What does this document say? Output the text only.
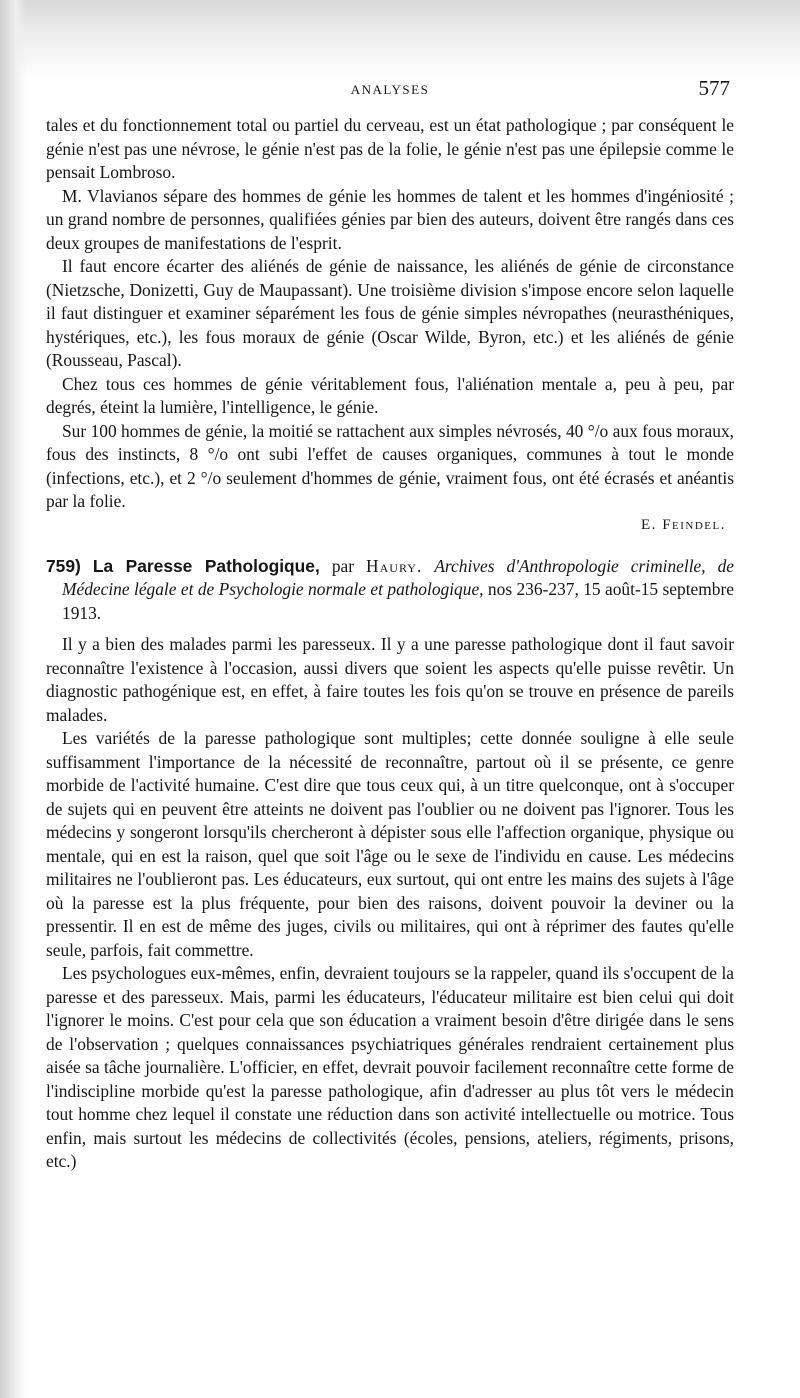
ANALYSES	577

tales et du fonctionnement total ou partiel du cerveau, est un état pathologique ; par conséquent le génie n'est pas une névrose, le génie n'est pas de la folie, le génie n'est pas une épilepsie comme le pensait Lombroso.

M. Vlavianos sépare des hommes de génie les hommes de talent et les hommes d'ingéniosité ; un grand nombre de personnes, qualifiées génies par bien des auteurs, doivent être rangés dans ces deux groupes de manifestations de l'esprit.

Il faut encore écarter des aliénés de génie de naissance, les aliénés de génie de circonstance (Nietzsche, Donizetti, Guy de Maupassant). Une troisième division s'impose encore selon laquelle il faut distinguer et examiner séparément les fous de génie simples névropathes (neurasthéniques, hystériques, etc.), les fous moraux de génie (Oscar Wilde, Byron, etc.) et les aliénés de génie (Rousseau, Pascal).

Chez tous ces hommes de génie véritablement fous, l'aliénation mentale a, peu à peu, par degrés, éteint la lumière, l'intelligence, le génie.

Sur 100 hommes de génie, la moitié se rattachent aux simples névrosés, 40 °/o aux fous moraux, fous des instincts, 8 °/o ont subi l'effet de causes organiques, communes à tout le monde (infections, etc.), et 2 °/o seulement d'hommes de génie, vraiment fous, ont été écrasés et anéantis par la folie.

E. Feindel.
759) La Paresse Pathologique, par Haury. Archives d'Anthropologie criminelle, de Médecine légale et de Psychologie normale et pathologique, nos 236-237, 15 août-15 septembre 1913.

Il y a bien des malades parmi les paresseux. Il y a une paresse pathologique dont il faut savoir reconnaître l'existence à l'occasion, aussi divers que soient les aspects qu'elle puisse revêtir. Un diagnostic pathogénique est, en effet, à faire toutes les fois qu'on se trouve en présence de pareils malades.

Les variétés de la paresse pathologique sont multiples; cette donnée souligne à elle seule suffisamment l'importance de la nécessité de reconnaître, partout où il se présente, ce genre morbide de l'activité humaine. C'est dire que tous ceux qui, à un titre quelconque, ont à s'occuper de sujets qui en peuvent être atteints ne doivent pas l'oublier ou ne doivent pas l'ignorer. Tous les médecins y songeront lorsqu'ils chercheront à dépister sous elle l'affection organique, physique ou mentale, qui en est la raison, quel que soit l'âge ou le sexe de l'individu en cause. Les médecins militaires ne l'oublieront pas. Les éducateurs, eux surtout, qui ont entre les mains des sujets à l'âge où la paresse est la plus fréquente, pour bien des raisons, doivent pouvoir la deviner ou la pressentir. Il en est de même des juges, civils ou militaires, qui ont à réprimer des fautes qu'elle seule, parfois, fait commettre.

Les psychologues eux-mêmes, enfin, devraient toujours se la rappeler, quand ils s'occupent de la paresse et des paresseux. Mais, parmi les éducateurs, l'éducateur militaire est bien celui qui doit l'ignorer le moins. C'est pour cela que son éducation a vraiment besoin d'être dirigée dans le sens de l'observation ; quelques connaissances psychiatriques générales rendraient certainement plus aisée sa tâche journalière. L'officier, en effet, devrait pouvoir facilement reconnaître cette forme de l'indiscipline morbide qu'est la paresse pathologique, afin d'adresser au plus tôt vers le médecin tout homme chez lequel il constate une réduction dans son activité intellectuelle ou motrice. Tous enfin, mais surtout les médecins de collectivités (écoles, pensions, ateliers, régiments, prisons, etc.)
